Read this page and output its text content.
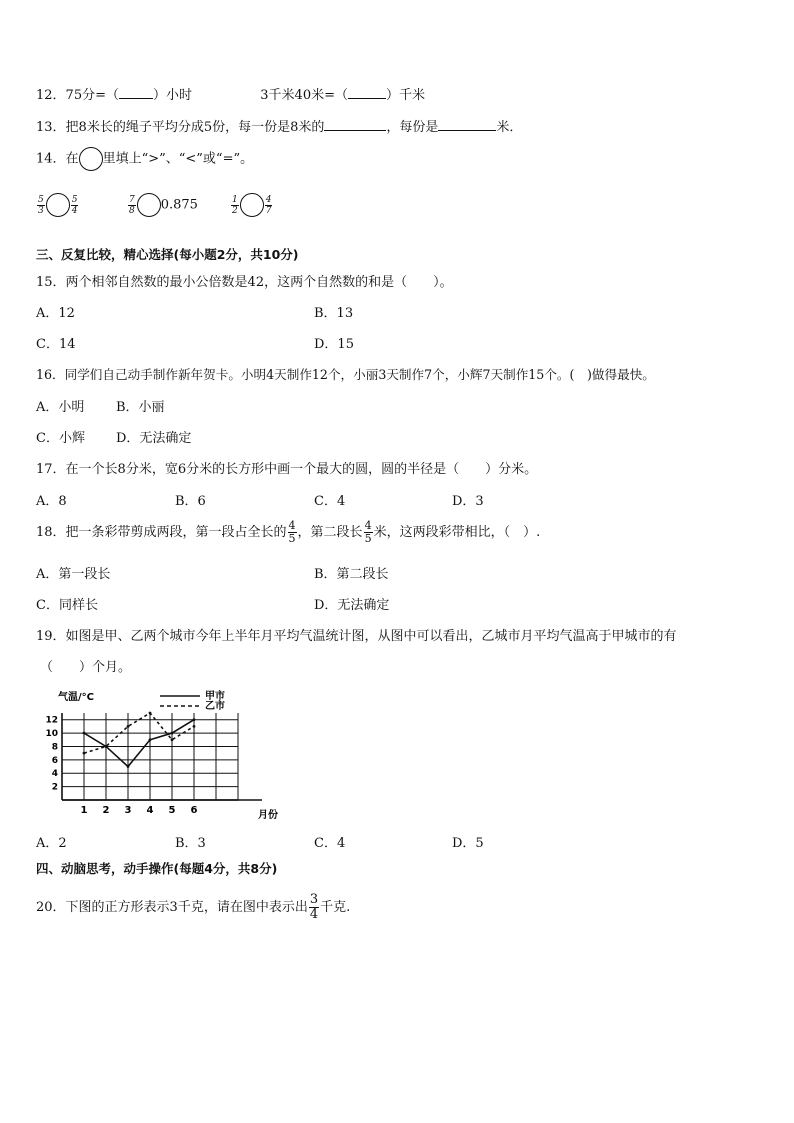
12．75分=（	）小时	3千米40米=（	）千米
13．把8米长的绳子平均分成5份，每一份是8米的	，每份是	米．
14．在 里填上“>”、“<”或“=”。
$\frac{5}{3}$	$\frac{5}{4}$	$\frac{7}{8} 0.875$	$\frac{1}{2}$	$\frac{4}{7}$
三、反复比较，精心选择(每小题2分，共10分)
15．两个相邻自然数的最小公倍数是42，这两个自然数的和是（　　）。
A．12	B．13
C．14	D．15
16．同学们自己动手制作新年贺卡。小明4天制作12个，小丽3天制作7个，小辉7天制作15个。(　)做得最快。
A．小明 B．小丽
C．小辉 D．无法确定
17．在一个长8分米，宽6分米的长方形中画一个最大的圆，圆的半径是（　　）分米。
A．8	B．6	C．4	D．3
18．把一条彩带剪成两段，第一段占全长的 $\frac{4}{5}$ ，第二段长 $\frac{4}{5}$ 米，这两段彩带相比，（　）.
A．第一段长	B．第二段长
C．同样长	D．无法确定
19．如图是甲、乙两个城市今年上半年月平均气温统计图，从图中可以看出，乙城市月平均气温高于甲城市的有
（　　）个月。
气温/°C
月份
甲市
乙市
2
4
6
8
10
12
1 2 3 4 5 6
A．2	B．3	C．4	D．5
四、动脑思考，动手操作(每题4分，共8分)
20．下图的正方形表示3千克，请在图中表示出 $\frac{3}{4}$ 千克.
